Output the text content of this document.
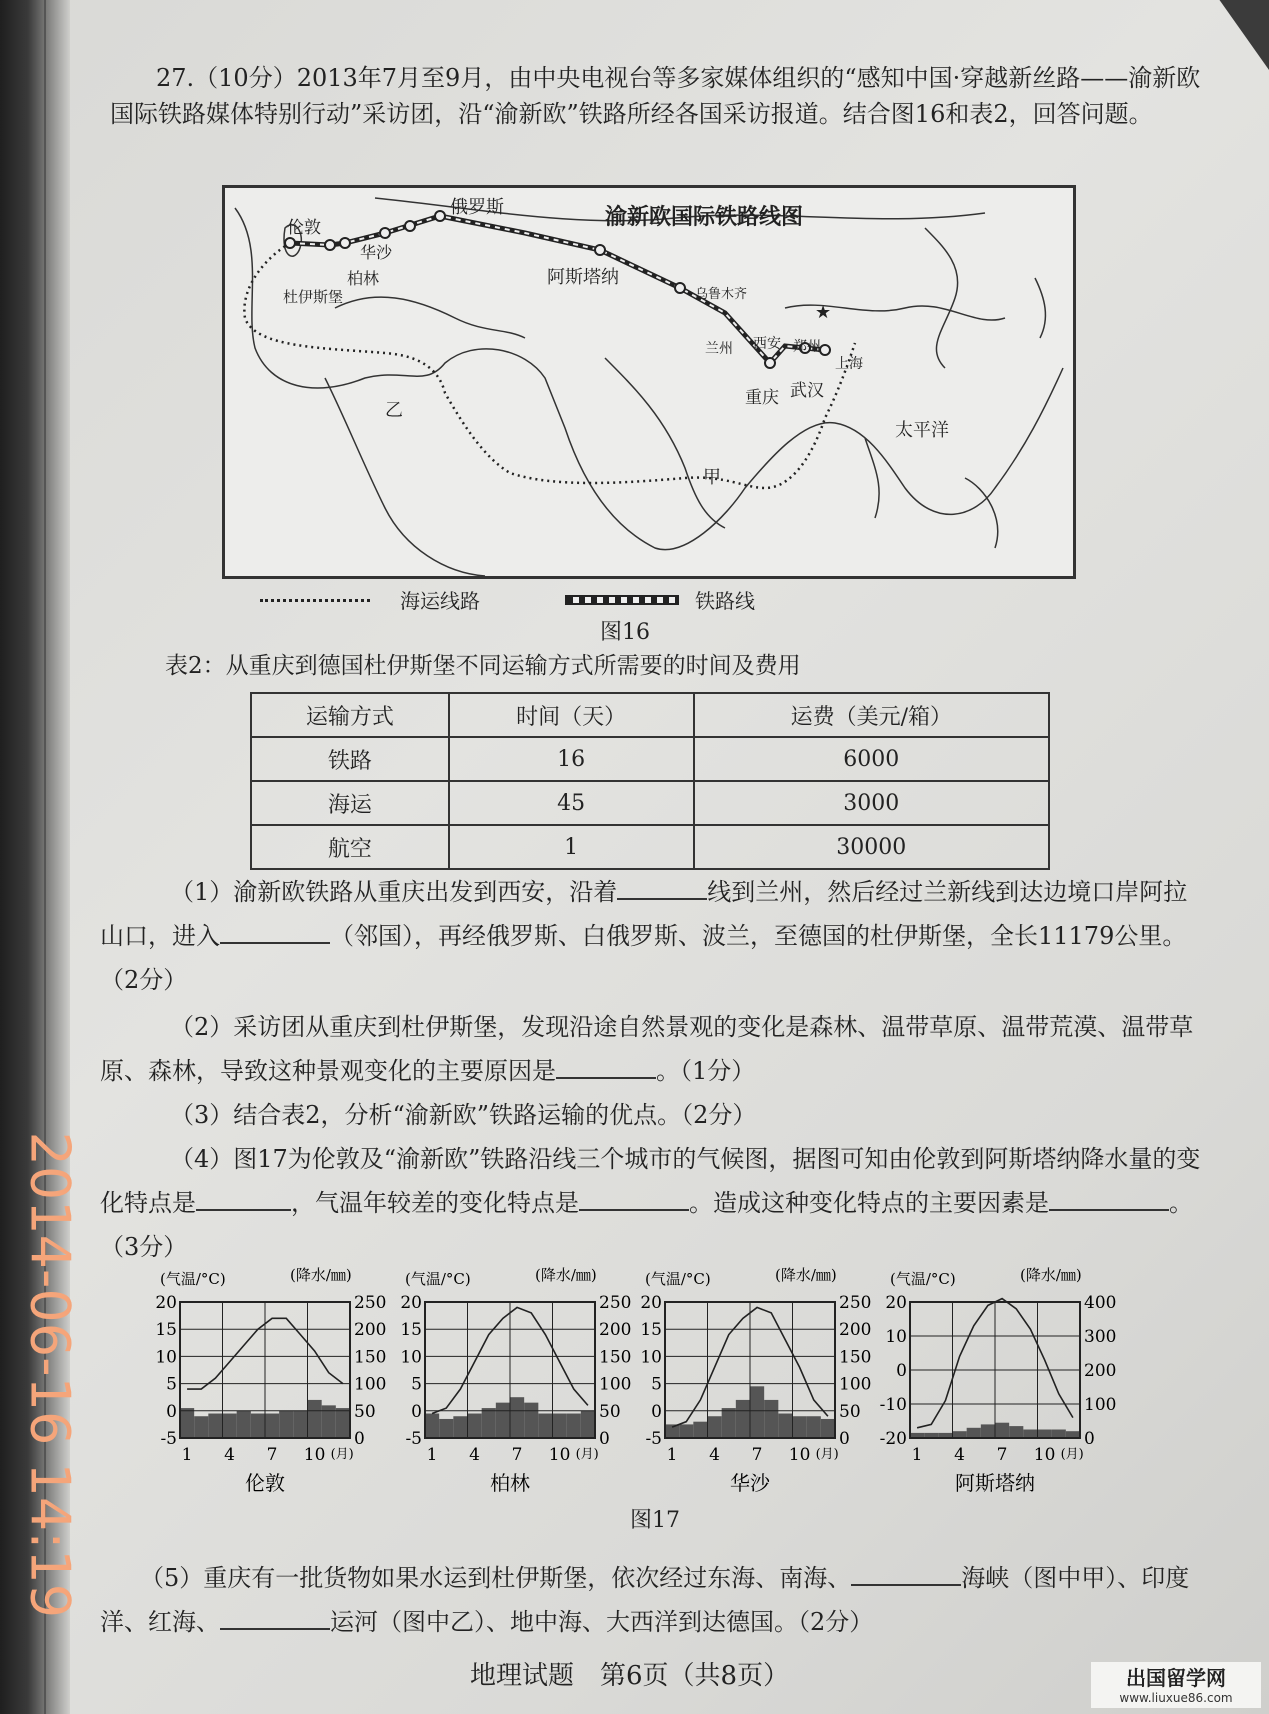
27.（10分）2013年7月至9月，由中央电视台等多家媒体组织的“感知中国·穿越新丝路——渝新欧国际铁路媒体特别行动”采访团，沿“渝新欧”铁路所经各国采访报道。结合图16和表2，回答问题。
★
渝新欧国际铁路线图
俄罗斯
伦敦
华沙
柏林
杜伊斯堡
阿斯塔纳
乌鲁木齐
兰州 西安 郑州
重庆 武汉
上海
太平洋
乙
甲
海运线路	铁路线
图16
表2：从重庆到德国杜伊斯堡不同运输方式所需要的时间及费用
运输方式	时间（天）	运费（美元/箱）
铁路	16	6000
海运	45	3000
航空	1	30000
（1）渝新欧铁路从重庆出发到西安，沿着	线到兰州，然后经过兰新线到达边境口岸阿拉山口，进入	（邻国），再经俄罗斯、白俄罗斯、波兰，至德国的杜伊斯堡，全长11179公里。（2分）
（2）采访团从重庆到杜伊斯堡，发现沿途自然景观的变化是森林、温带草原、温带荒漠、温带草原、森林，导致这种景观变化的主要原因是	。（1分）
（3）结合表2，分析“渝新欧”铁路运输的优点。（2分）
（4）图17为伦敦及“渝新欧”铁路沿线三个城市的气候图，据图可知由伦敦到阿斯塔纳降水量的变化特点是	，气温年较差的变化特点是	。造成这种变化特点的主要因素是	。（3分）
(气温/°C)	(降水/㎜)
20
15
10
5
0
-5
250
200
150
100
50
0
1 4 7 10 (月)
伦敦
(气温/°C)	(降水/㎜)
20
15
10
5
0
-5
250
200
150
100
50
0
1 4 7 10 (月)
柏林
(气温/°C)	(降水/㎜)
20
15
10
5
0
-5
250
200
150
100
50
0
1 4 7 10 (月)
华沙
(气温/°C)	(降水/㎜)
20
10
0
-10
-20
400
300
200
100
0
1 4 7 10 (月)
阿斯塔纳
图17
（5）重庆有一批货物如果水运到杜伊斯堡，依次经过东海、南海、	海峡（图中甲）、印度洋、红海、	运河（图中乙）、地中海、大西洋到达德国。（2分）
地理试题　第6页（共8页）
2014-06-16 14:19
出国留学网
www.liuxue86.com
